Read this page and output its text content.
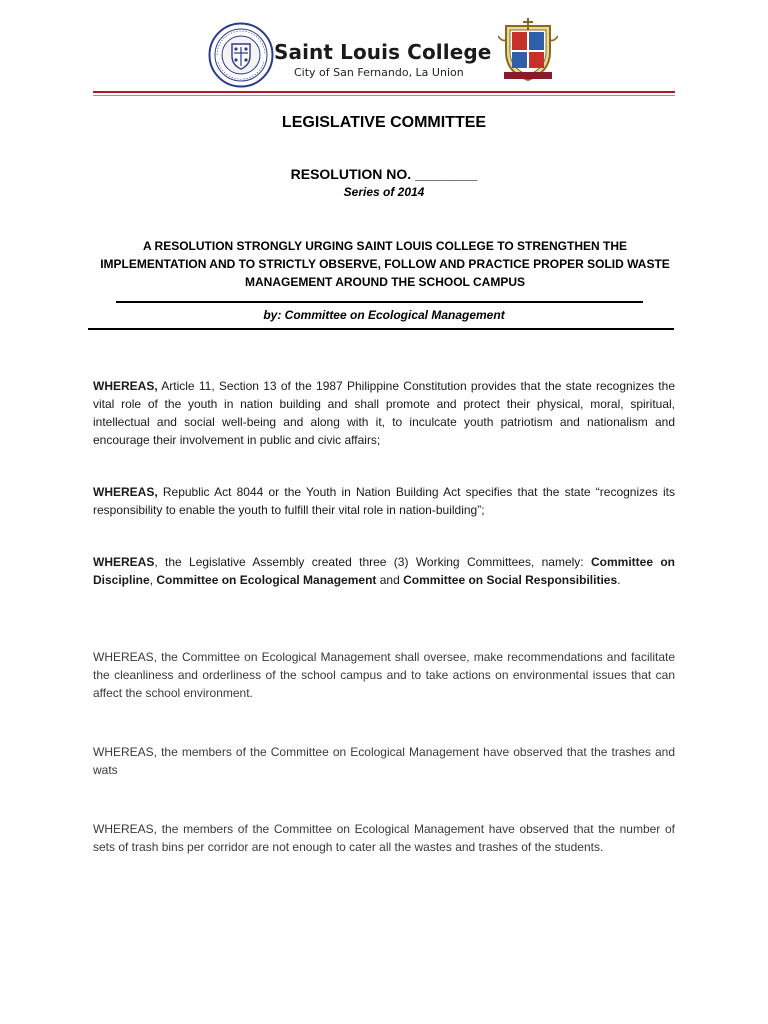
Saint Louis College
City of San Fernando, La Union
LEGISLATIVE COMMITTEE
RESOLUTION NO. ________
Series of 2014
A RESOLUTION STRONGLY URGING SAINT LOUIS COLLEGE TO STRENGTHEN THE IMPLEMENTATION AND TO STRICTLY OBSERVE, FOLLOW AND PRACTICE PROPER SOLID WASTE MANAGEMENT AROUND THE SCHOOL CAMPUS
by: Committee on Ecological Management
WHEREAS, Article 11, Section 13 of the 1987 Philippine Constitution provides that the state recognizes the vital role of the youth in nation building and shall promote and protect their physical, moral, spiritual, intellectual and social well-being and along with it, to inculcate youth patriotism and nationalism and encourage their involvement in public and civic affairs;
WHEREAS, Republic Act 8044 or the Youth in Nation Building Act specifies that the state “recognizes its responsibility to enable the youth to fulfill their vital role in nation-building”;
WHEREAS, the Legislative Assembly created three (3) Working Committees, namely: Committee on Discipline, Committee on Ecological Management and Committee on Social Responsibilities.
WHEREAS, the Committee on Ecological Management shall oversee, make recommendations and facilitate the cleanliness and orderliness of the school campus and to take actions on environmental issues that can affect the school environment.
WHEREAS, the members of the Committee on Ecological Management have observed that the trashes and wats
WHEREAS, the members of the Committee on Ecological Management have observed that the number of sets of trash bins per corridor are not enough to cater all the wastes and trashes of the students.
